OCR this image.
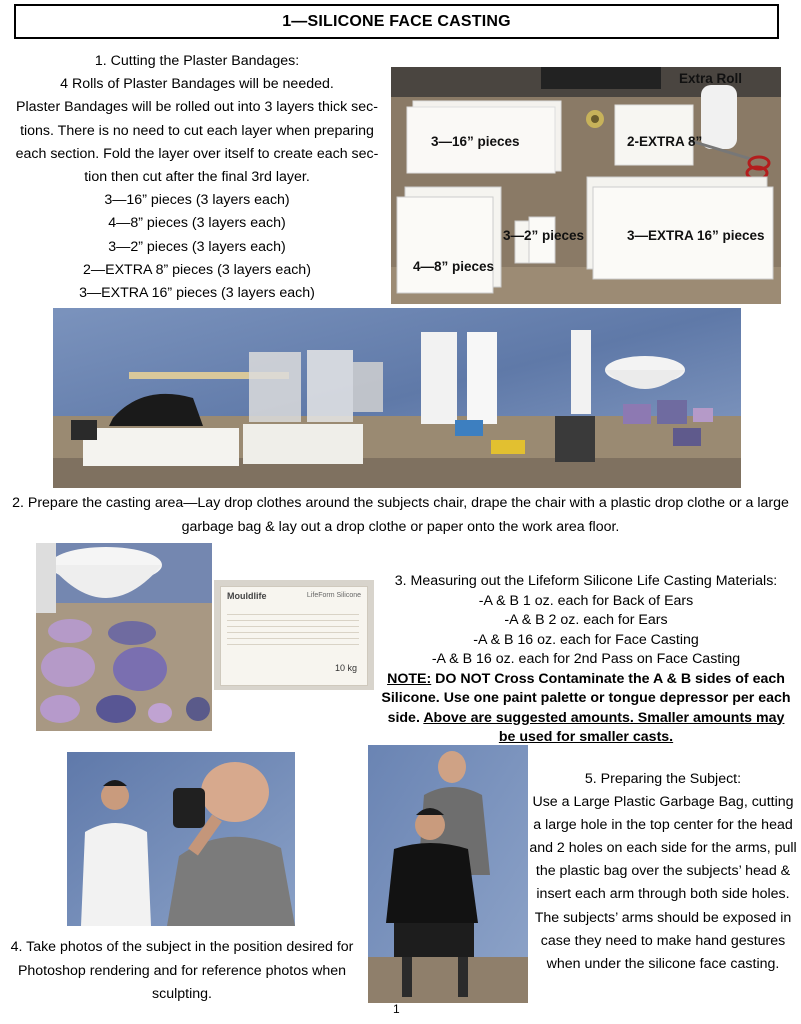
1—SILICONE FACE CASTING
1. Cutting the Plaster Bandages:
4 Rolls of Plaster Bandages will be needed.
Plaster Bandages will be rolled out into 3 layers thick sec-
tions. There is no need to cut each layer when preparing
each section. Fold the layer over itself to create each sec-
tion then cut after the final 3rd layer.
3—16” pieces (3 layers each)
4—8” pieces (3 layers each)
3—2” pieces (3 layers each)
2—EXTRA 8” pieces (3 layers each)
3—EXTRA 16” pieces (3 layers each)
Extra Roll
3—16” pieces	2-EXTRA 8”
3—2” pieces	3—EXTRA 16” pieces
4—8” pieces
2. Prepare the casting area—Lay drop clothes around the subjects chair, drape the chair with a plastic drop clothe or a large garbage bag & lay out a drop clothe or paper onto the work area floor.
Mouldlife	LifeForm Silicone
10 kg
3. Measuring out the Lifeform Silicone Life Casting Materials:
-A & B 1 oz. each for Back of Ears
-A & B 2 oz. each for Ears
-A & B 16 oz. each for Face Casting
-A & B 16 oz. each for 2nd Pass on Face Casting
NOTE: DO NOT Cross Contaminate the A & B sides of each Silicone. Use one paint palette or tongue depressor per each side. Above are suggested amounts. Smaller amounts may be used for smaller casts.
4. Take photos of the subject in the position desired for Photoshop rendering and for reference photos when sculpting.
5. Preparing the Subject:
Use a Large Plastic Garbage Bag, cutting a large hole in the top center for the head and 2 holes on each side for the arms, pull the plastic bag over the subjects’ head & insert each arm through both side holes.
The subjects’ arms should be exposed in case they need to make hand gestures when under the silicone face casting.
1
